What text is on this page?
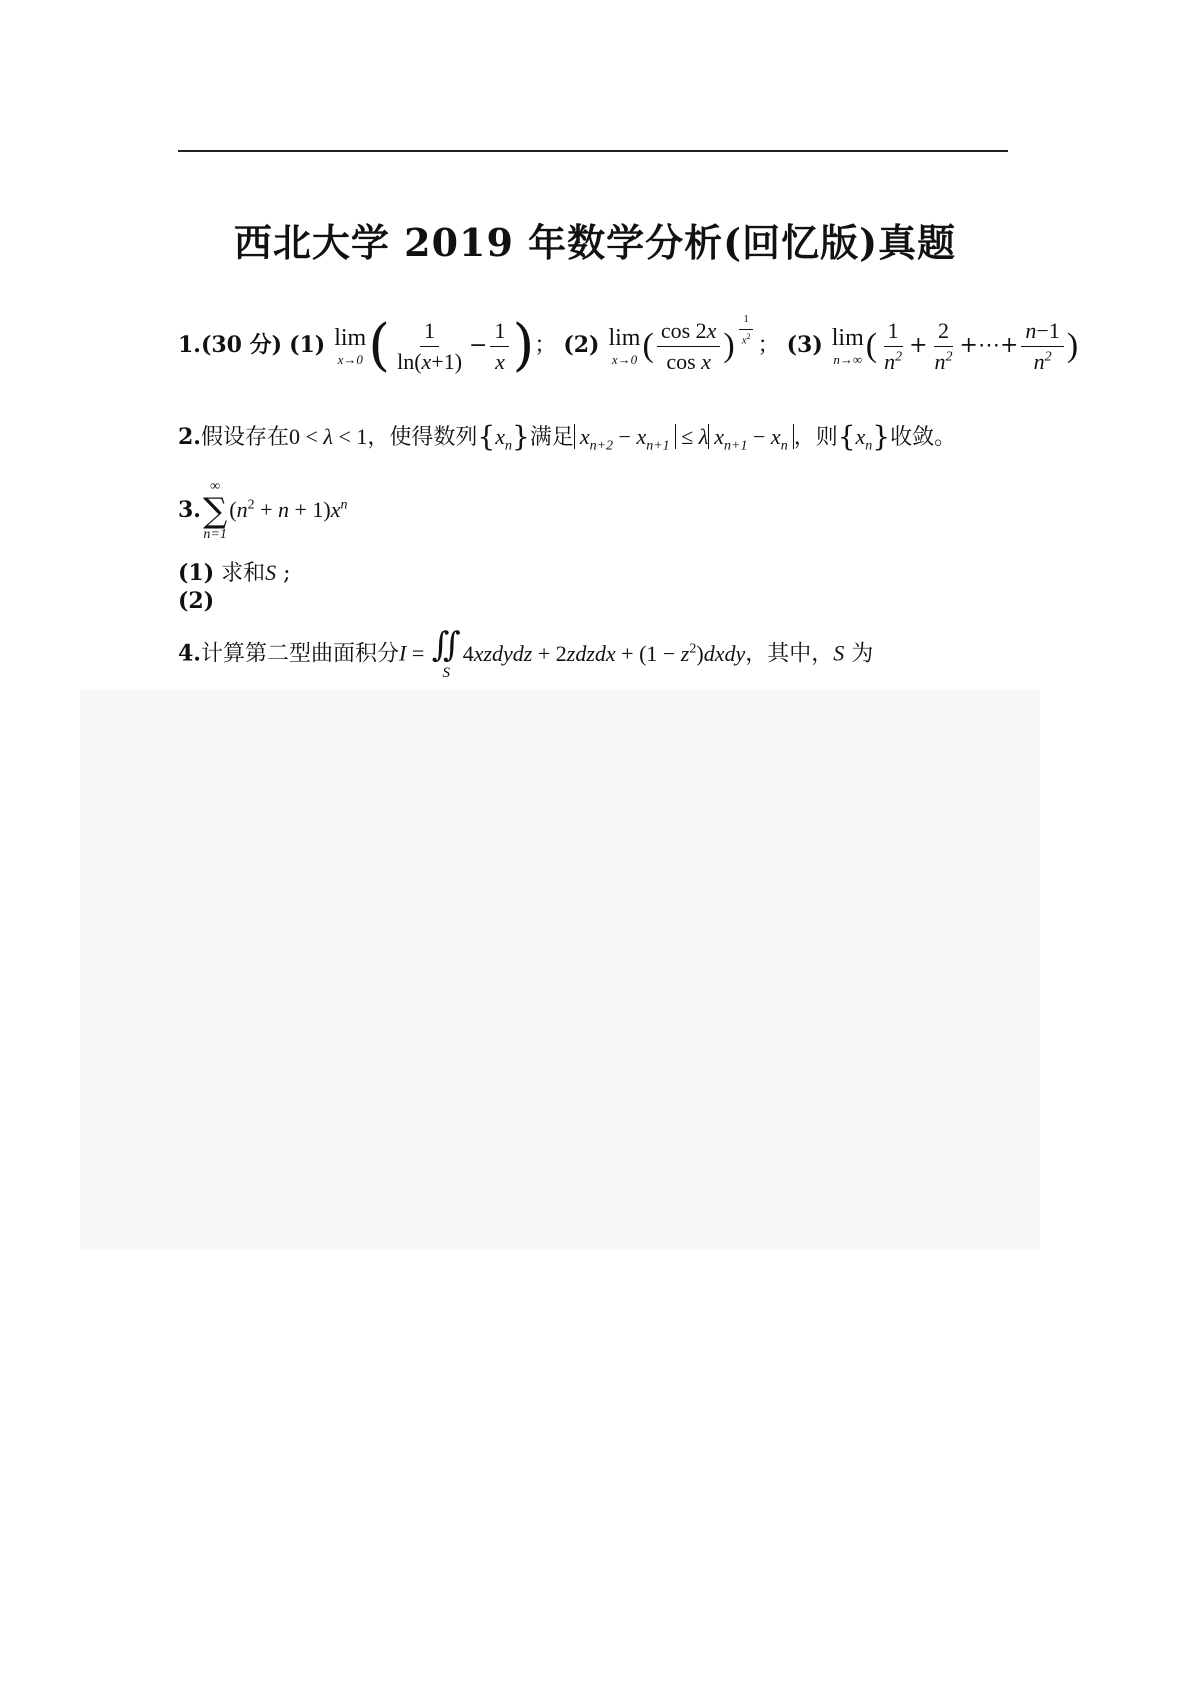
西北大学 2019 年数学分析(回忆版)真题
1.(30 分) (1) lim
x→0 ( $\frac{1}{\ln(x+1)} - \frac{1}{x}$ )； (2) lim
x→0 ( $\frac{\cos 2x}{\text{cos x}}$ ) $^{\frac{1}{x^2}}$ ； (3) lim
n→∞ ( $\frac{1}{n^2} + \frac{2}{n^2}$ +⋯+ $\frac{n-1}{n^2}$ )
2.假设存在0 < λ < 1，使得数列$\{x_n\}$满足 $x_{n+2} - x_{n+1} \le \lambda$ $x_{n+1} - x_n$ ，则$\{x_n\}$收敛。
3.
∞
∑
n=1
$(n^2 + n + 1)x^n$
(1) 求和S ;
(2)
4.计算第二型曲面积分I = ∬
S
4xzdydz + 2zdzdx + $(1 - z^2)dxdy$，其中，S 为
